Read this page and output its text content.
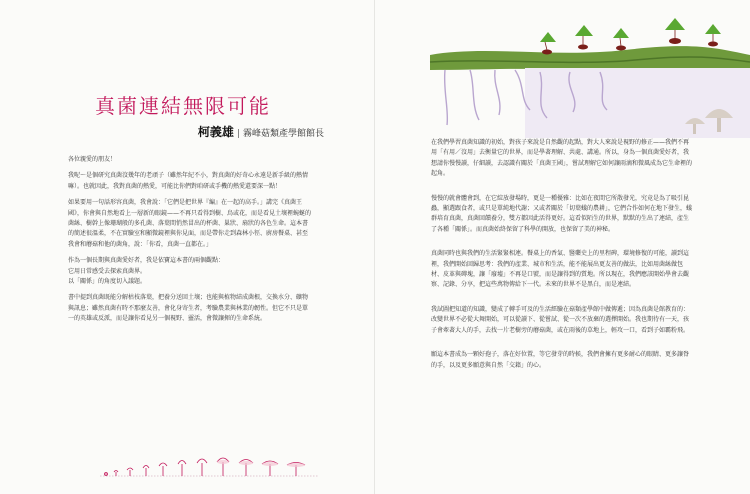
真菌連結無限可能
柯義雄 | 霧峰菇類產學館館長

各位親愛的朋友！

我呢～是個研究真菌沒幾年的老頑子（雖然年紀不小，對真菌的好奇心永遠是新手級的熱情嘛）。也就因此，我對真菌的熱愛，可能比你們對咱研或手機的熱愛還要深一點！

如果要用一句話形容真菌，我會說：「它們是把世界『編』在一起的高手。」講完《真菌王國》，你會與自然地看上一層新的眼鏡——不再只看得到樹、鳥或花，而是看見土壤裡蜿蜒的菌絲、樹幹上像珊瑚般的多孔菌、落葉間悄然冒出的杯菌、巢狀、扇狀的各色生命。這本書的簡述很溫柔，不在實驗室和顯微鏡裡與你見面，而是帶你走到森林小徑、廚房餐桌、甚至我會和蘑菇和他的菌角，說：「你看，真菌一直都在。」

作為一個長期與真菌愛好者，我是依寶這本書的兩個觀點：

它用日常感受去探索真菌界。

以「關係」的角度切入議題。

書中提到真菌既能分解枯枝落葉，把養分送回土壤；也能與植物結成菌根，交換水分、礦物與訊息；雖然真菌有時不那麼友善，會化身寄生者，考驗農業與林業的韌性。但它不只是單一的英雄或反派，而是讓你看見另一個視野、靈活，會微讓揮的生命系統。

在我們學習真菌知識的初始，對孩子來說是自然觀的起點，對大人來說是視野的修正——我們不再用「有用／沒用」去衡量它的世界，而是學著理解、共處、講通。所以，身為一個真菌愛好者，我想請你慢慢讀，仔細讀，去認識有關於「真菌王國」，嘗試理解它如何讓雨滴和微風成為它生命裡的起角。

慢慢的就會體會到，在它綻放發場時，更是一種優雅：比如在夜間它所散發光，究竟是為了吸引昆蟲，顯選跟食者，或只是單純地代謝；又或者關於「切葉蟻的農耕」，它們合作如何在地下發生，蟻群培育真菌，真菌回饋養分，雙方都因此活得更好。這看似陌生的世界，默默的生出了連結，產生了各種「關係」。而真菌始終保留了科學的開放，也保留了美的神秘。

真菌同時也與我們的生活緊緊相連。餐桌上的香氣、醫藥史上的里程碑，環境修復的可能，讀到這裡，我們開始回歸思考：我們的產業、城市和生活，能不能展出更友善的做法，比如用菌絲做包材、皮革與磚塊，讓「廢墟」不再是口號，而是讓得到的質地。所以現在，我們應該開始學會去觀察、記錄、分享，把這些萬物傳給下一代。未來的世界不是黑白，而是連結。

我試圖把知道的知識，變成了轉手可及的生活經驗在菇類產學館中做傳遞；因為真菌是館教育的：改變世界不必從大舞開始，可以從讀下、從嘗試、從一次不放棄的選擇開始。我也期待有一天，孩子會牽著大人的手，去找一片老樹旁的蘑菇菌，或在雨後的草地上，輕攻一口，看到子如霸粉飛。

願這本書成為一顆好孢子，落在好位置，等它發芽的時候，我們會擁有更多耐心的眼睛、更多讓脊的手，以及更多願意與自然「交籍」的心。
